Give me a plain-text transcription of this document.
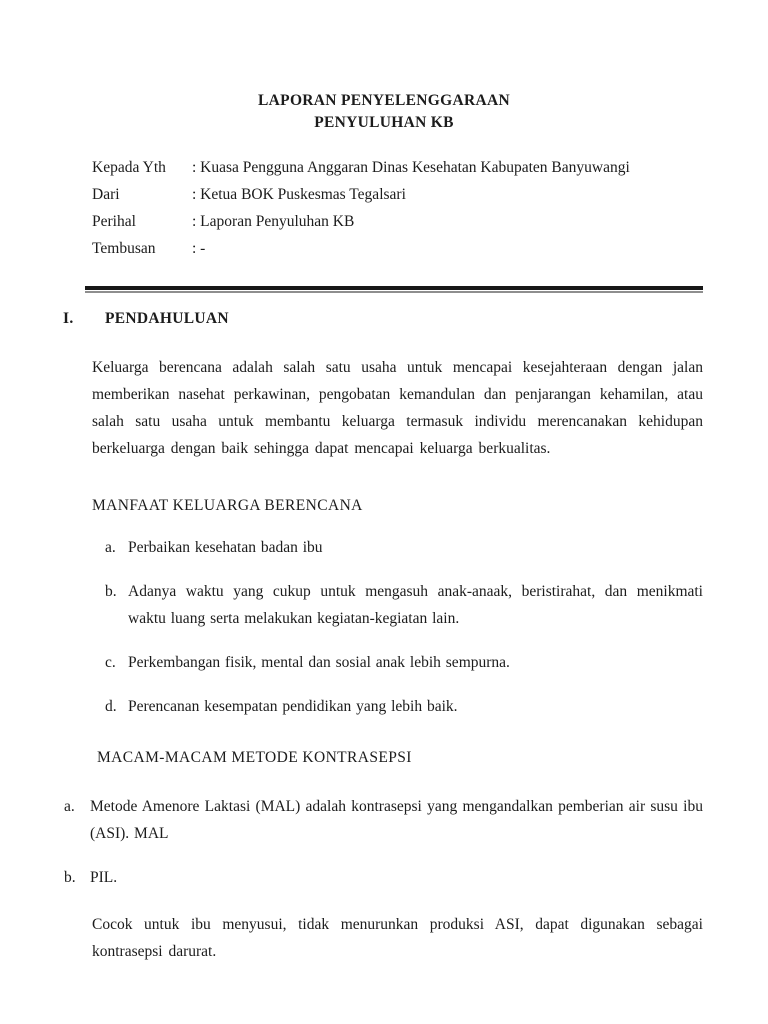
LAPORAN PENYELENGGARAAN
PENYULUHAN KB
Kepada Yth	: Kuasa Pengguna Anggaran Dinas Kesehatan Kabupaten Banyuwangi
Dari	: Ketua BOK Puskesmas Tegalsari
Perihal	: Laporan Penyuluhan KB
Tembusan	: -
I.	PENDAHULUAN

Keluarga berencana adalah salah satu usaha untuk mencapai kesejahteraan dengan jalan memberikan nasehat perkawinan, pengobatan kemandulan dan penjarangan kehamilan, atau salah satu usaha untuk membantu keluarga termasuk individu merencanakan kehidupan berkeluarga dengan baik sehingga dapat mencapai keluarga berkualitas.

MANFAAT KELUARGA BERENCANA
a. Perbaikan kesehatan badan ibu
b. Adanya waktu yang cukup untuk mengasuh anak-anaak, beristirahat, dan menikmati waktu luang serta melakukan kegiatan-kegiatan lain.
c. Perkembangan fisik, mental dan sosial anak lebih sempurna.
d. Perencanan kesempatan pendidikan yang lebih baik.
MACAM-MACAM METODE KONTRASEPSI
a. Metode Amenore Laktasi (MAL) adalah kontrasepsi yang mengandalkan pemberian air susu ibu (ASI). MAL
b. PIL.

Cocok untuk ibu menyusui, tidak menurunkan produksi ASI, dapat digunakan sebagai kontrasepsi darurat.
